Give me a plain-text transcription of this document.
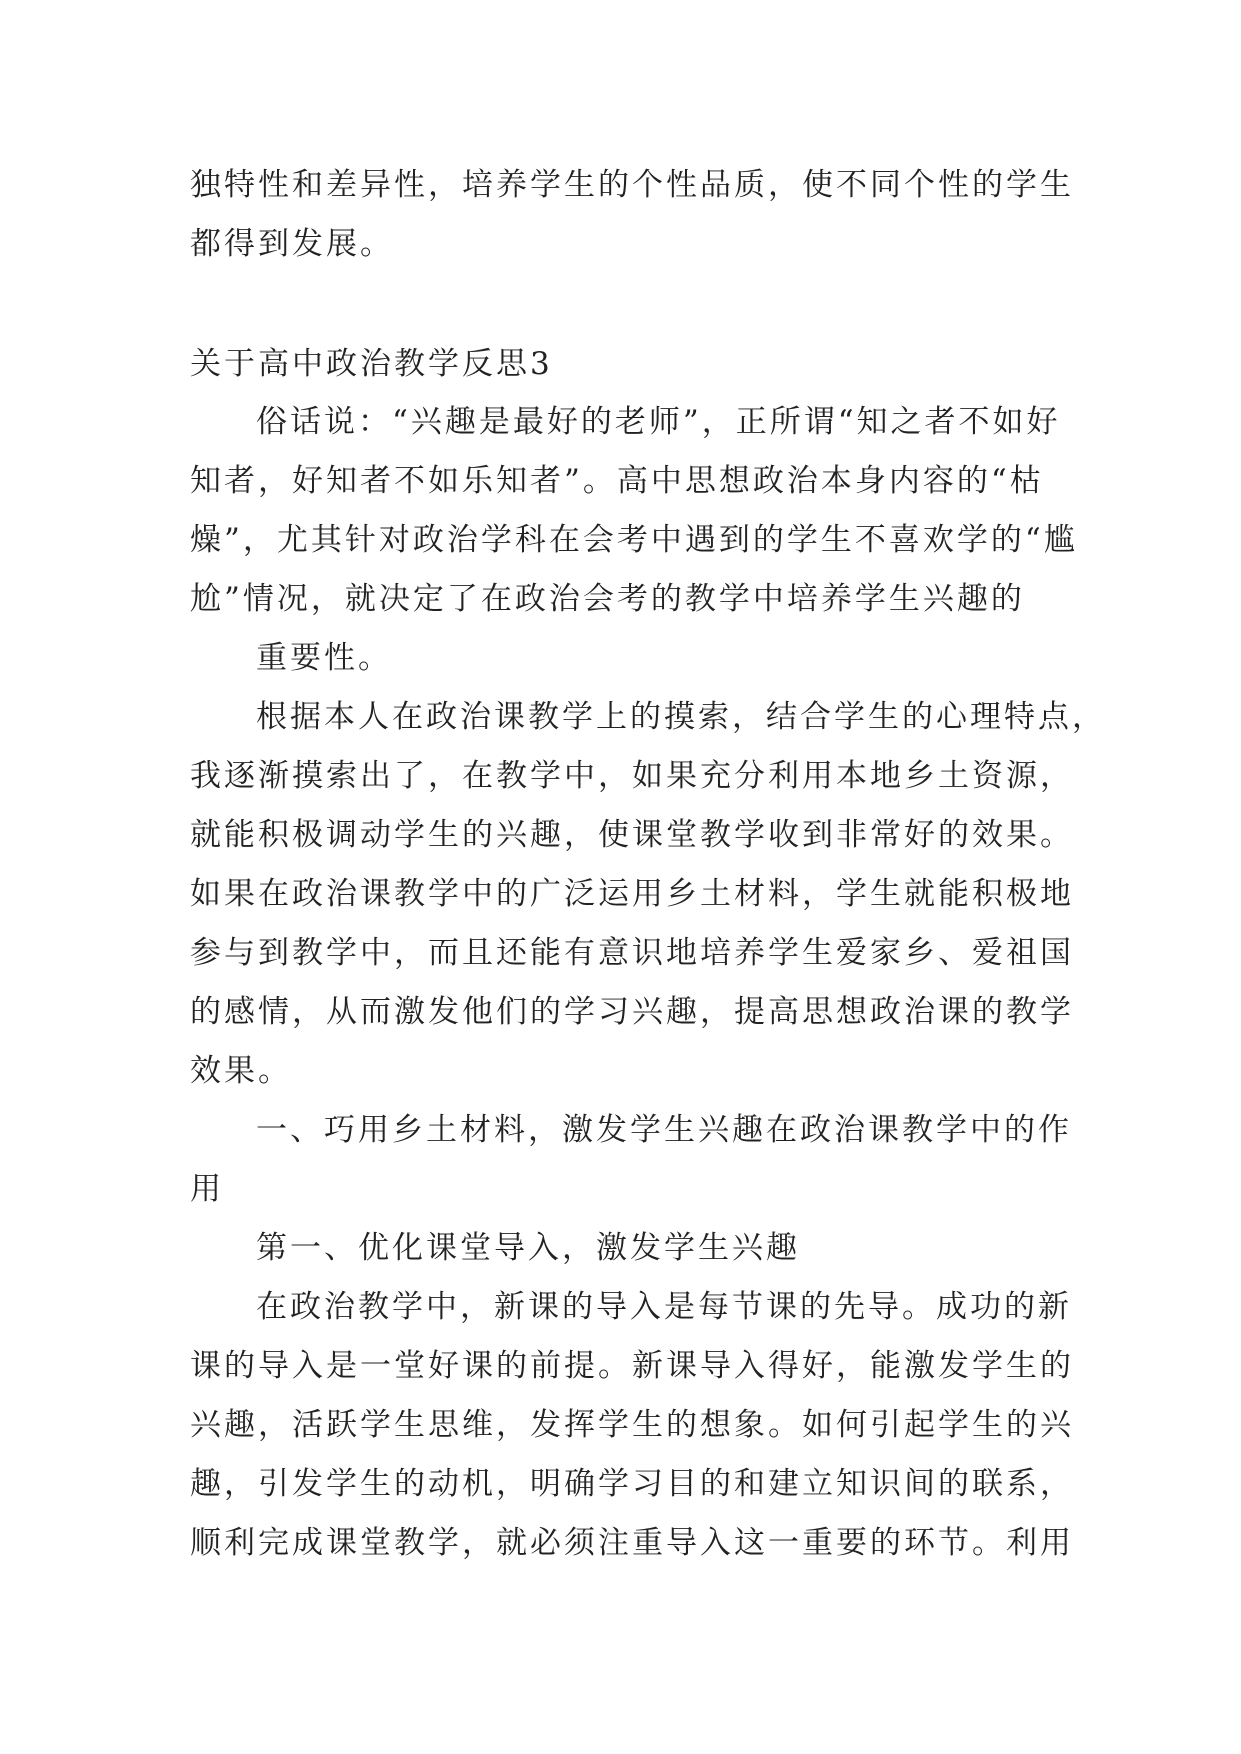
独特性和差异性，培养学生的个性品质，使不同个性的学生
都得到发展。
关于高中政治教学反思3
俗话说：“兴趣是最好的老师”，正所谓“知之者不如好
知者，好知者不如乐知者”。高中思想政治本身内容的“枯
燥”，尤其针对政治学科在会考中遇到的学生不喜欢学的“尴
尬”情况，就决定了在政治会考的教学中培养学生兴趣的
重要性。
根据本人在政治课教学上的摸索，结合学生的心理特点，
我逐渐摸索出了，在教学中，如果充分利用本地乡土资源，
就能积极调动学生的兴趣，使课堂教学收到非常好的效果。
如果在政治课教学中的广泛运用乡土材料，学生就能积极地
参与到教学中，而且还能有意识地培养学生爱家乡、爱祖国
的感情，从而激发他们的学习兴趣，提高思想政治课的教学
效果。
一、巧用乡土材料，激发学生兴趣在政治课教学中的作
用
第一、优化课堂导入，激发学生兴趣
在政治教学中，新课的导入是每节课的先导。成功的新
课的导入是一堂好课的前提。新课导入得好，能激发学生的
兴趣，活跃学生思维，发挥学生的想象。如何引起学生的兴
趣，引发学生的动机，明确学习目的和建立知识间的联系，
顺利完成课堂教学，就必须注重导入这一重要的环节。利用
